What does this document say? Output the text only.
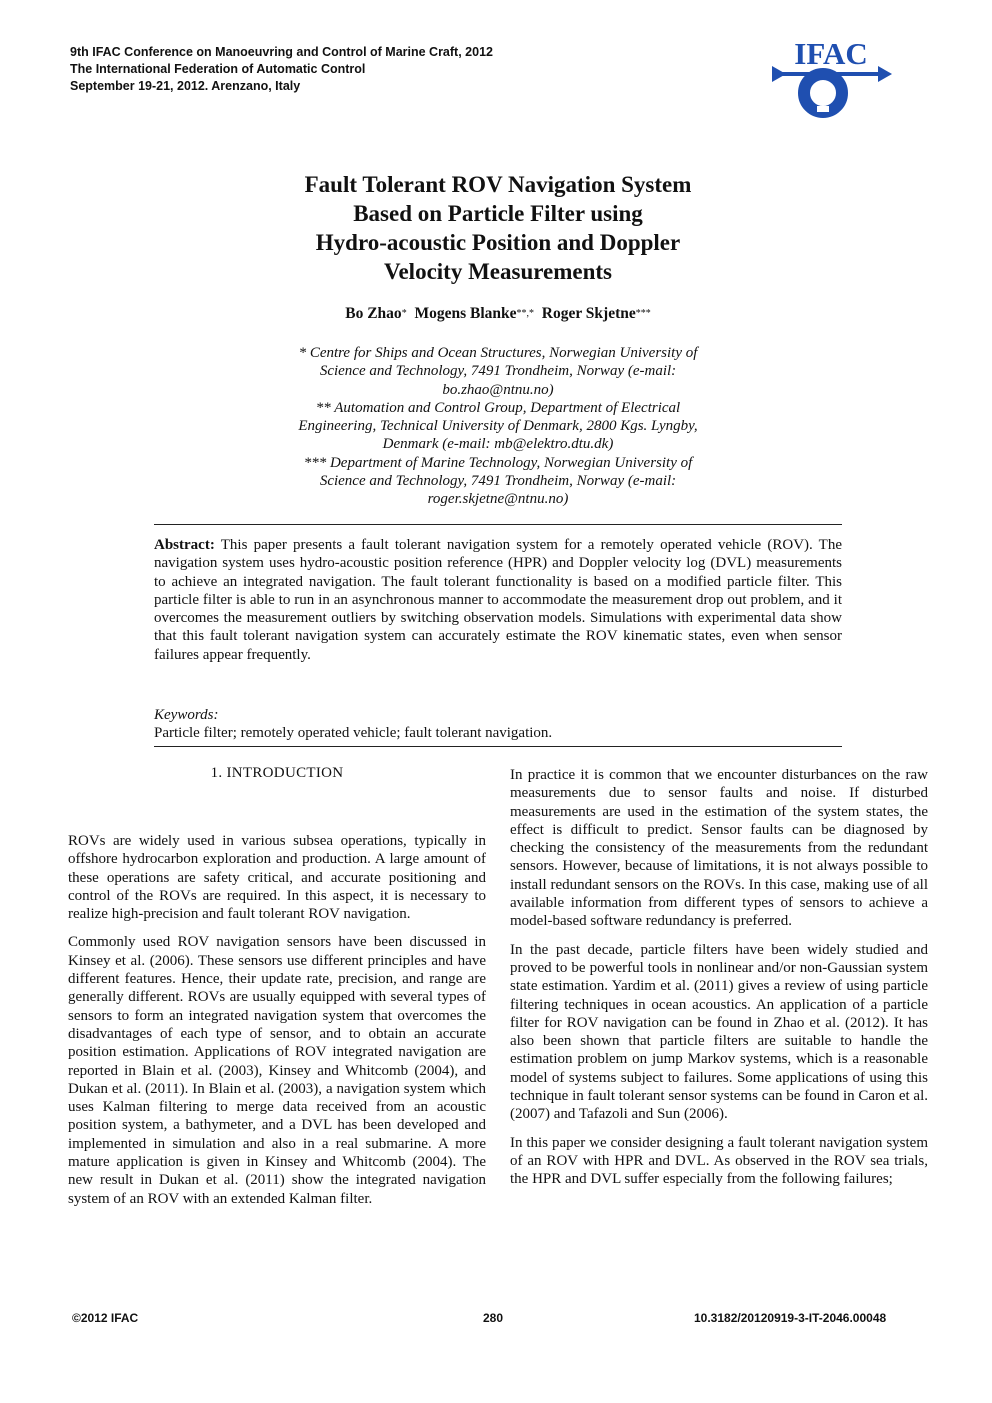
9th IFAC Conference on Manoeuvring and Control of Marine Craft, 2012
The International Federation of Automatic Control
September 19-21, 2012. Arenzano, Italy
IFAC
Fault Tolerant ROV Navigation System
Based on Particle Filter using
Hydro-acoustic Position and Doppler
Velocity Measurements
Bo Zhao* Mogens Blanke**,* Roger Skjetne***
* Centre for Ships and Ocean Structures, Norwegian University of
Science and Technology, 7491 Trondheim, Norway (e-mail:
bo.zhao@ntnu.no)
** Automation and Control Group, Department of Electrical
Engineering, Technical University of Denmark, 2800 Kgs. Lyngby,
Denmark (e-mail: mb@elektro.dtu.dk)
*** Department of Marine Technology, Norwegian University of
Science and Technology, 7491 Trondheim, Norway (e-mail:
roger.skjetne@ntnu.no)
Abstract: This paper presents a fault tolerant navigation system for a remotely operated vehicle (ROV). The navigation system uses hydro-acoustic position reference (HPR) and Doppler velocity log (DVL) measurements to achieve an integrated navigation. The fault tolerant functionality is based on a modified particle filter. This particle filter is able to run in an asynchronous manner to accommodate the measurement drop out problem, and it overcomes the measurement outliers by switching observation models. Simulations with experimental data show that this fault tolerant navigation system can accurately estimate the ROV kinematic states, even when sensor failures appear frequently.
Keywords:
Particle filter; remotely operated vehicle; fault tolerant navigation.
1. INTRODUCTION

ROVs are widely used in various subsea operations, typically in offshore hydrocarbon exploration and production. A large amount of these operations are safety critical, and accurate positioning and control of the ROVs are required. In this aspect, it is necessary to realize high-precision and fault tolerant ROV navigation.

Commonly used ROV navigation sensors have been discussed in Kinsey et al. (2006). These sensors use different principles and have different features. Hence, their update rate, precision, and range are generally different. ROVs are usually equipped with several types of sensors to form an integrated navigation system that overcomes the disadvantages of each type of sensor, and to obtain an accurate position estimation. Applications of ROV integrated navigation are reported in Blain et al. (2003), Kinsey and Whitcomb (2004), and Dukan et al. (2011). In Blain et al. (2003), a navigation system which uses Kalman filtering to merge data received from an acoustic position system, a bathymeter, and a DVL has been developed and implemented in simulation and also in a real submarine. A more mature application is given in Kinsey and Whitcomb (2004). The new result in Dukan et al. (2011) show the integrated navigation system of an ROV with an extended Kalman filter.

In practice it is common that we encounter disturbances on the raw measurements due to sensor faults and noise. If disturbed measurements are used in the estimation of the system states, the effect is difficult to predict. Sensor faults can be diagnosed by checking the consistency of the measurements from the redundant sensors. However, because of limitations, it is not always possible to install redundant sensors on the ROVs. In this case, making use of all available information from different types of sensors to achieve a model-based software redundancy is preferred.

In the past decade, particle filters have been widely studied and proved to be powerful tools in nonlinear and/or non-Gaussian system state estimation. Yardim et al. (2011) gives a review of using particle filtering techniques in ocean acoustics. An application of a particle filter for ROV navigation can be found in Zhao et al. (2012). It has also been shown that particle filters are suitable to handle the estimation problem on jump Markov systems, which is a reasonable model of systems subject to failures. Some applications of using this technique in fault tolerant sensor systems can be found in Caron et al. (2007) and Tafazoli and Sun (2006).

In this paper we consider designing a fault tolerant navigation system of an ROV with HPR and DVL. As observed in the ROV sea trials, the HPR and DVL suffer especially from the following failures;

©2012 IFAC	280	10.3182/20120919-3-IT-2046.00048
